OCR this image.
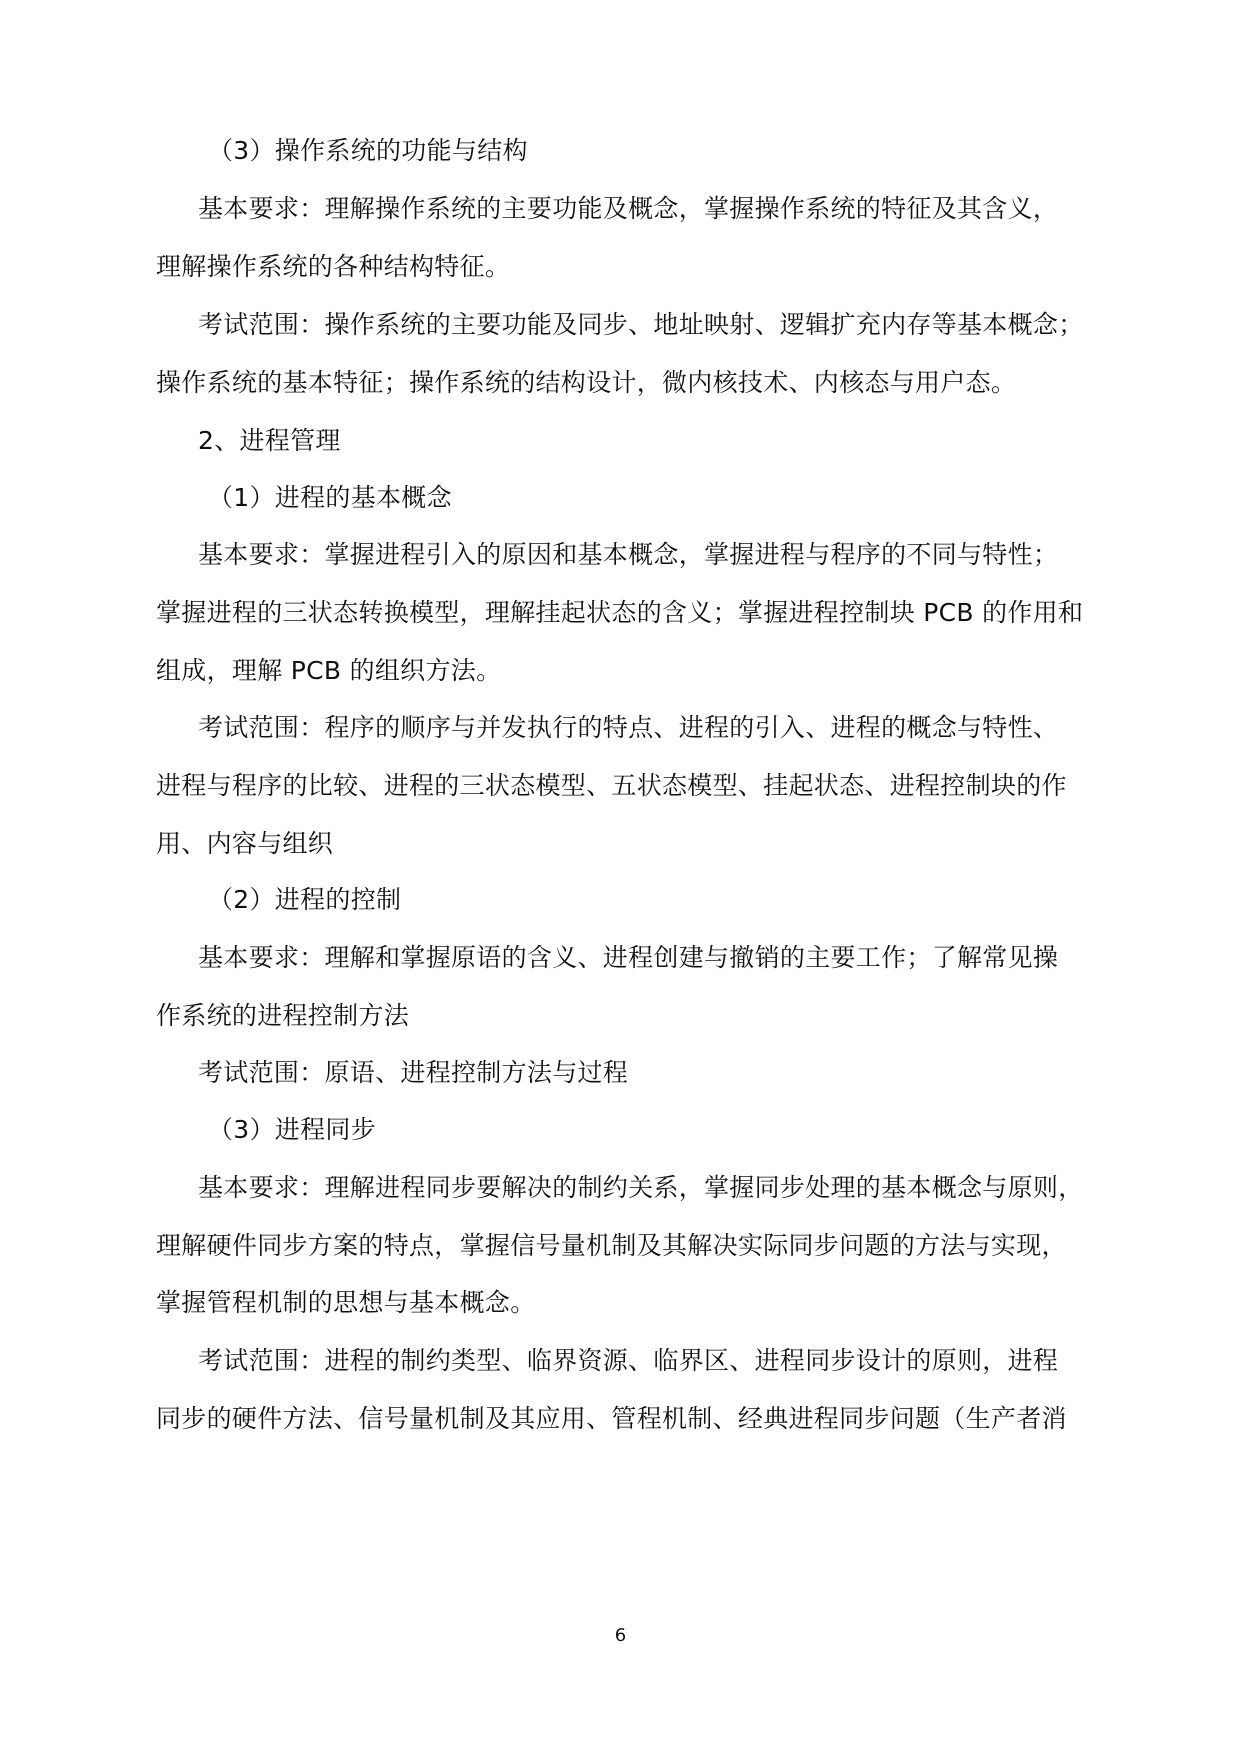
（3）操作系统的功能与结构
基本要求：理解操作系统的主要功能及概念，掌握操作系统的特征及其含义，
理解操作系统的各种结构特征。
考试范围：操作系统的主要功能及同步、地址映射、逻辑扩充内存等基本概念；
操作系统的基本特征；操作系统的结构设计，微内核技术、内核态与用户态。
2、进程管理
（1）进程的基本概念
基本要求：掌握进程引入的原因和基本概念，掌握进程与程序的不同与特性；
掌握进程的三状态转换模型，理解挂起状态的含义；掌握进程控制块 PCB 的作用和
组成，理解 PCB 的组织方法。
考试范围：程序的顺序与并发执行的特点、进程的引入、进程的概念与特性、
进程与程序的比较、进程的三状态模型、五状态模型、挂起状态、进程控制块的作
用、内容与组织
（2）进程的控制
基本要求：理解和掌握原语的含义、进程创建与撤销的主要工作；了解常见操
作系统的进程控制方法
考试范围：原语、进程控制方法与过程
（3）进程同步
基本要求：理解进程同步要解决的制约关系，掌握同步处理的基本概念与原则，
理解硬件同步方案的特点，掌握信号量机制及其解决实际同步问题的方法与实现，
掌握管程机制的思想与基本概念。
考试范围：进程的制约类型、临界资源、临界区、进程同步设计的原则，进程
同步的硬件方法、信号量机制及其应用、管程机制、经典进程同步问题（生产者消
6
